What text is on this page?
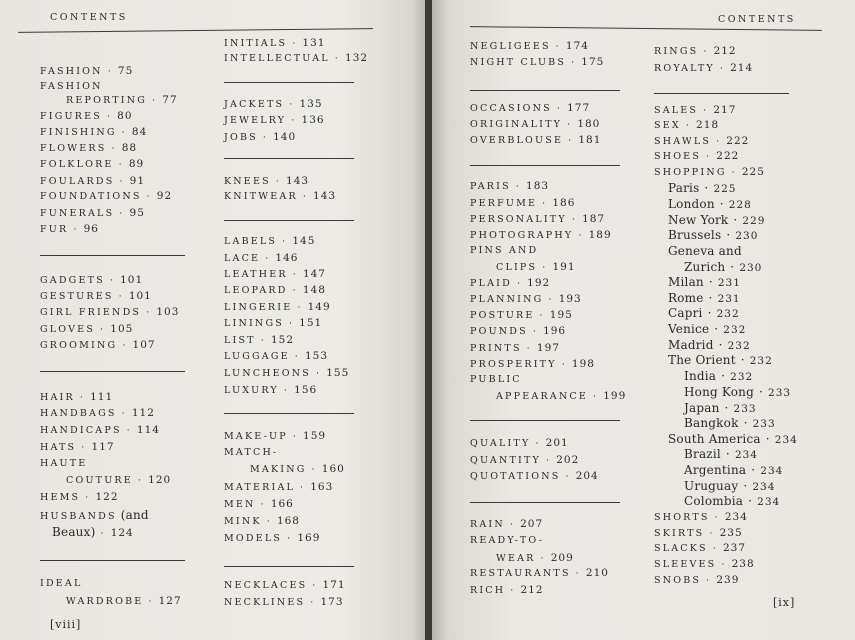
CONTENTS
FASHION · 75
FASHION
REPORTING · 77
FIGURES · 80
FINISHING · 84
FLOWERS · 88
FOLKLORE · 89
FOULARDS · 91
FOUNDATIONS · 92
FUNERALS · 95
FUR · 96
GADGETS · 101
GESTURES · 101
GIRL FRIENDS · 103
GLOVES · 105
GROOMING · 107
HAIR · 111
HANDBAGS · 112
HANDICAPS · 114
HATS · 117
HAUTE
COUTURE · 120
HEMS · 122
HUSBANDS (and
Beaux) · 124
IDEAL
WARDROBE · 127
INITIALS · 131
INTELLECTUAL · 132
JACKETS · 135
JEWELRY · 136
JOBS · 140
KNEES · 143
KNITWEAR · 143
LABELS · 145
LACE · 146
LEATHER · 147
LEOPARD · 148
LINGERIE · 149
LININGS · 151
LIST · 152
LUGGAGE · 153
LUNCHEONS · 155
LUXURY · 156
MAKE-UP · 159
MATCH-
MAKING · 160
MATERIAL · 163
MEN · 166
MINK · 168
MODELS · 169
NECKLACES · 171
NECKLINES · 173
[viii]
CONTENTS
NEGLIGEES · 174
NIGHT CLUBS · 175
OCCASIONS · 177
ORIGINALITY · 180
OVERBLOUSE · 181
PARIS · 183
PERFUME · 186
PERSONALITY · 187
PHOTOGRAPHY · 189
PINS AND
CLIPS · 191
PLAID · 192
PLANNING · 193
POSTURE · 195
POUNDS · 196
PRINTS · 197
PROSPERITY · 198
PUBLIC
APPEARANCE · 199
QUALITY · 201
QUANTITY · 202
QUOTATIONS · 204
RAIN · 207
READY-TO-
WEAR · 209
RESTAURANTS · 210
RICH · 212
RINGS · 212
ROYALTY · 214
SALES · 217
SEX · 218
SHAWLS · 222
SHOES · 222
SHOPPING · 225
Paris · 225
London · 228
New York · 229
Brussels · 230
Geneva and
Zurich · 230
Milan · 231
Rome · 231
Capri · 232
Venice · 232
Madrid · 232
The Orient · 232
India · 232
Hong Kong · 233
Japan · 233
Bangkok · 233
South America · 234
Brazil · 234
Argentina · 234
Uruguay · 234
Colombia · 234
SHORTS · 234
SKIRTS · 235
SLACKS · 237
SLEEVES · 238
SNOBS · 239
[ix]
